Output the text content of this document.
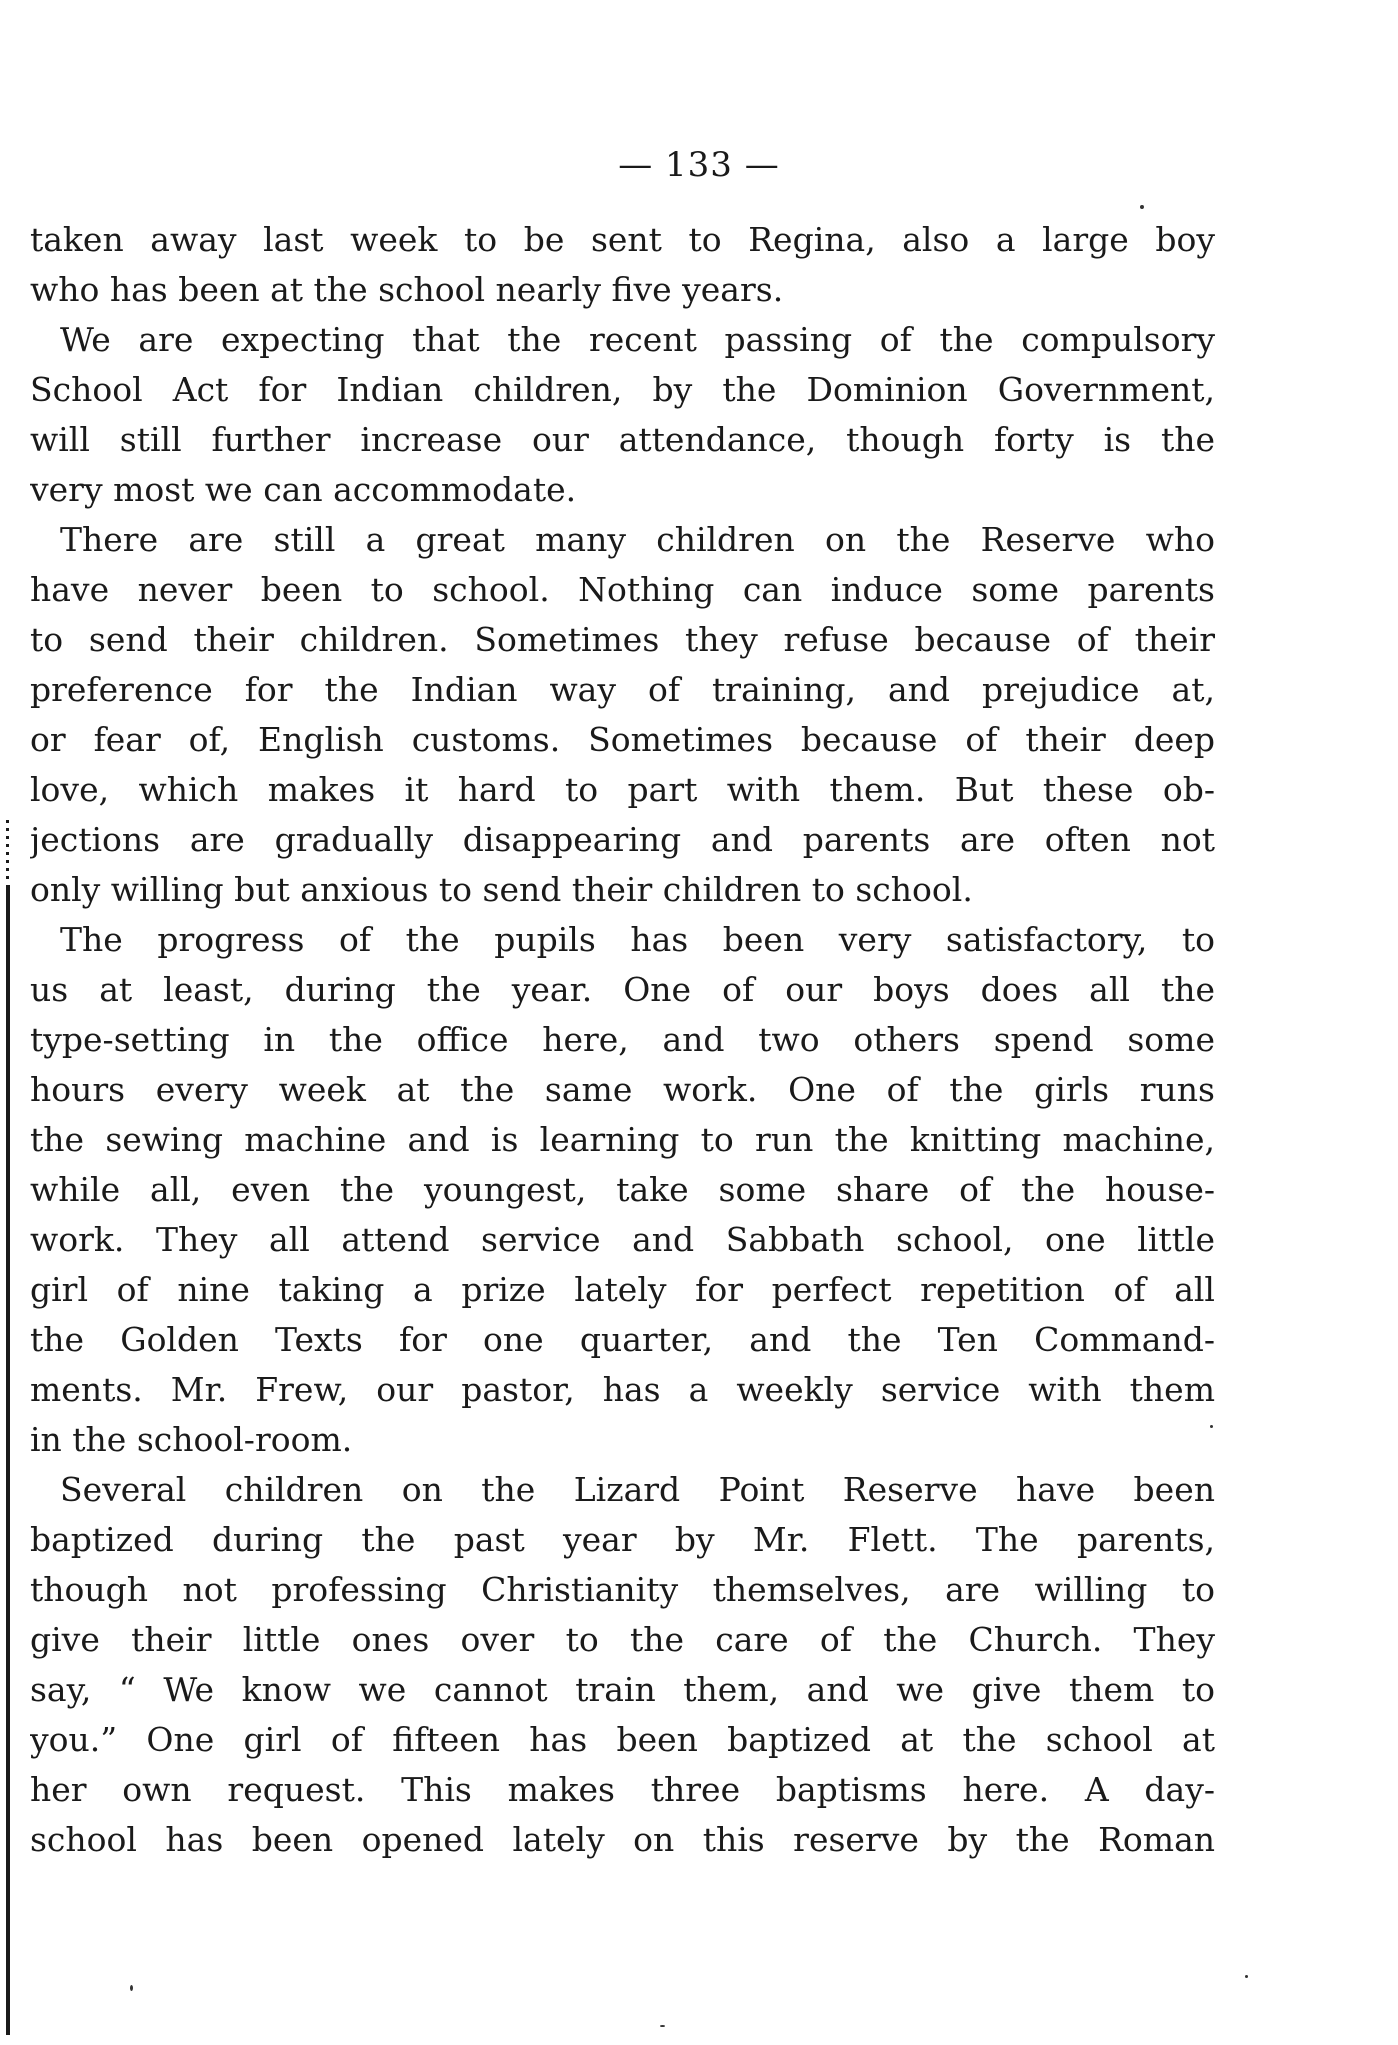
— 133 —
taken away last week to be sent to Regina, also a large boy
who has been at the school nearly five years.
We are expecting that the recent passing of the compulsory
School Act for Indian children, by the Dominion Government,
will still further increase our attendance, though forty is the
very most we can accommodate.
There are still a great many children on the Reserve who
have never been to school. Nothing can induce some parents
to send their children. Sometimes they refuse because of their
preference for the Indian way of training, and prejudice at,
or fear of, English customs. Sometimes because of their deep
love, which makes it hard to part with them. But these ob-
jections are gradually disappearing and parents are often not
only willing but anxious to send their children to school.
The progress of the pupils has been very satisfactory, to
us at least, during the year. One of our boys does all the
type-setting in the office here, and two others spend some
hours every week at the same work. One of the girls runs
the sewing machine and is learning to run the knitting machine,
while all, even the youngest, take some share of the house-
work. They all attend service and Sabbath school, one little
girl of nine taking a prize lately for perfect repetition of all
the Golden Texts for one quarter, and the Ten Command-
ments. Mr. Frew, our pastor, has a weekly service with them
in the school-room.
Several children on the Lizard Point Reserve have been
baptized during the past year by Mr. Flett. The parents,
though not professing Christianity themselves, are willing to
give their little ones over to the care of the Church. They
say, “ We know we cannot train them, and we give them to
you.” One girl of fifteen has been baptized at the school at
her own request. This makes three baptisms here. A day-
school has been opened lately on this reserve by the Roman
